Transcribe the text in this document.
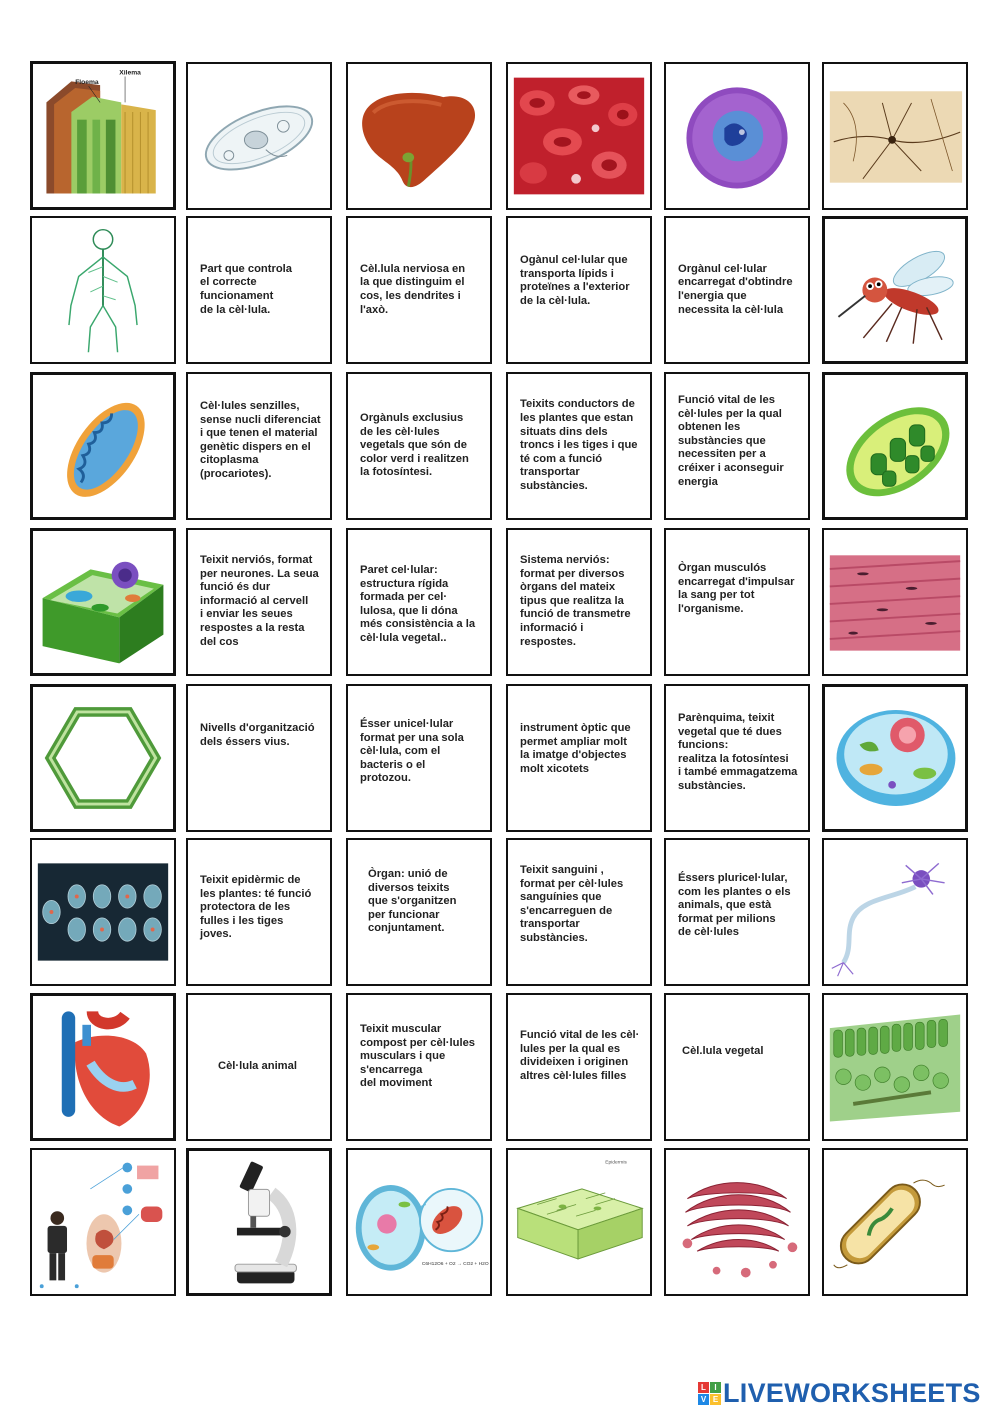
Xilema
Floema
Part que controla
el correcte
funcionament
de la cèl·lula.
Cèl.lula nerviosa en
la que distinguim el
cos, les dendrites i
l'axò.
Ogànul cel·lular que
transporta lípids i
proteïnes a l'exterior
de la cèl·lula.
Orgànul cel·lular
encarregat d'obtindre
l'energia que
necessita la cèl·lula
Cèl·lules senzilles,
sense nucli diferenciat
i que tenen el material
genètic dispers en el
citoplasma
(procariotes).
Orgànuls exclusius
de les cèl·lules
vegetals que són de
color verd i realitzen
la fotosíntesi.
Teixits conductors de
les plantes que estan
situats dins dels
troncs i les tiges i que
té com a funció
transportar
substàncies.
Funció vital de les
cèl·lules per la qual
obtenen les
substàncies que
necessiten per a
créixer i aconseguir
energia
Teixit nerviós, format
per neurones. La seua
funció és dur
informació al cervell
i enviar les seues
respostes a la resta
del cos
Paret cel·lular:
estructura rígida
formada per cel·
lulosa, que li dóna
més consistència a la
cèl·lula vegetal..
Sistema nerviós:
format per diversos
òrgans del mateix
tipus que realitza la
funció de transmetre
informació i respostes.
Òrgan musculós
encarregat d'impulsar
la sang per tot
l'organisme.
Nivells d'organització
dels éssers vius.
Ésser unicel·lular
format per una sola
cèl·lula, com el
bacteris o el
protozou.
instrument òptic que
permet ampliar molt
la imatge d'objectes
molt xicotets
Parènquima, teixit
vegetal que té dues
funcions:
realitza la fotosíntesi
i també emmagatzema
substàncies.
Teixit epidèrmic de
les plantes: té funció
protectora de les
fulles i les tiges
joves.
Òrgan: unió de
diversos teixits
que s'organitzen
per funcionar
conjuntament.
Teixit sanguini ,
format per cèl·lules
sanguínies que
s'encarreguen de
transportar
substàncies.
Éssers pluricel·lular,
com les plantes o els
animals, que està
format per milions
de cèl·lules
Cèl·lula animal
Teixit muscular
compost per cèl·lules
musculars i que
s'encarrega
del moviment
Funció vital de les cèl·
lules per la qual es
divideixen i originen
altres cèl·lules filles
Cèl.lula vegetal
C6H12O6 + O2 → CO2 + H2O
Epidermis
L	I
V E LIVEWORKSHEETS
